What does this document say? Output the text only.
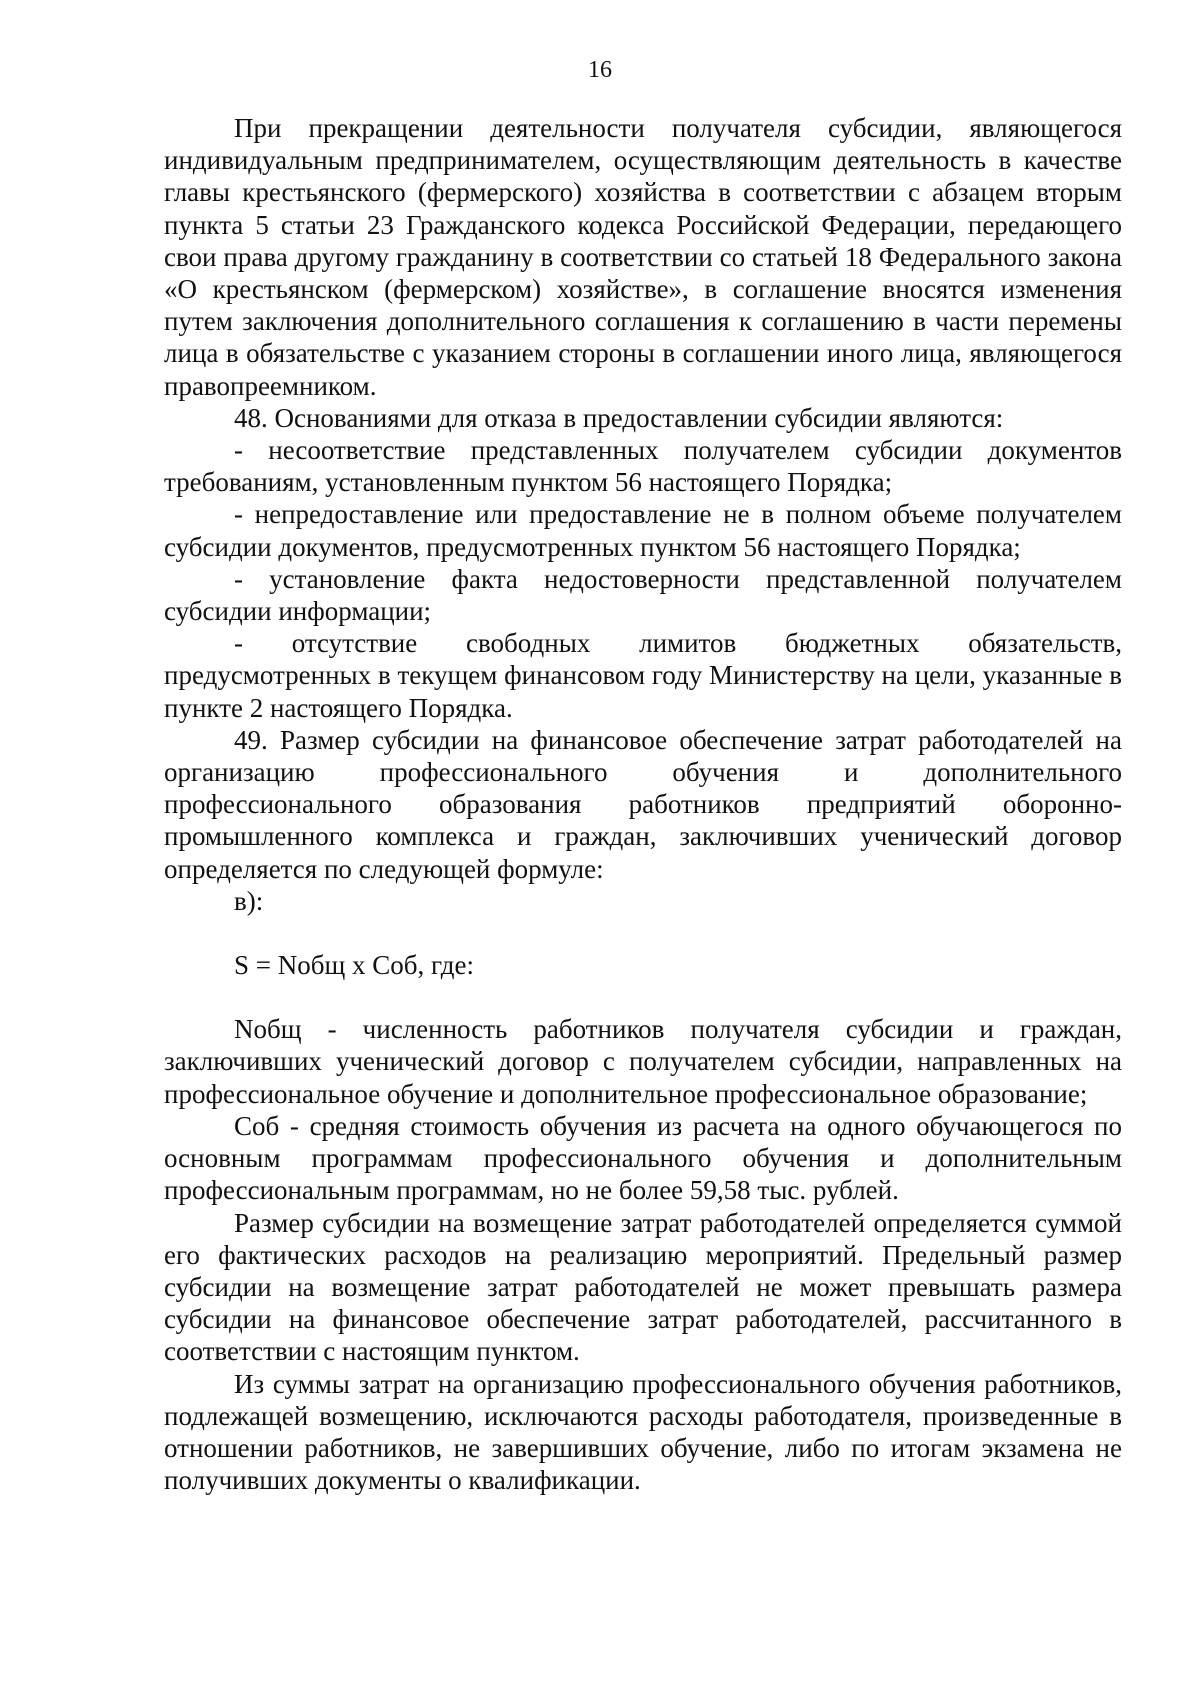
16

При прекращении деятельности получателя субсидии, являющегося индивидуальным предпринимателем, осуществляющим деятельность в качестве главы крестьянского (фермерского) хозяйства в соответствии с абзацем вторым пункта 5 статьи 23 Гражданского кодекса Российской Федерации, передающего свои права другому гражданину в соответствии со статьей 18 Федерального закона «О крестьянском (фермерском) хозяйстве», в соглашение вносятся изменения путем заключения дополнительного соглашения к соглашению в части перемены лица в обязательстве с указанием стороны в соглашении иного лица, являющегося правопреемником.

48. Основаниями для отказа в предоставлении субсидии являются:

- несоответствие представленных получателем субсидии документов требованиям, установленным пунктом 56 настоящего Порядка;

- непредоставление или предоставление не в полном объеме получателем субсидии документов, предусмотренных пунктом 56 настоящего Порядка;

- установление факта недостоверности представленной получателем субсидии информации;

- отсутствие свободных лимитов бюджетных обязательств, предусмотренных в текущем финансовом году Министерству на цели, указанные в пункте 2 настоящего Порядка.

49. Размер субсидии на финансовое обеспечение затрат работодателей на организацию профессионального обучения и дополнительного профессионального образования работников предприятий оборонно-промышленного комплекса и граждан, заключивших ученический договор определяется по следующей формуле:

в):

S = Nобщ x Соб, где:

Nобщ - численность работников получателя субсидии и граждан, заключивших ученический договор с получателем субсидии, направленных на профессиональное обучение и дополнительное профессиональное образование;

Соб - средняя стоимость обучения из расчета на одного обучающегося по основным программам профессионального обучения и дополнительным профессиональным программам, но не более 59,58 тыс. рублей.

Размер субсидии на возмещение затрат работодателей определяется суммой его фактических расходов на реализацию мероприятий. Предельный размер субсидии на возмещение затрат работодателей не может превышать размера субсидии на финансовое обеспечение затрат работодателей, рассчитанного в соответствии с настоящим пунктом.

Из суммы затрат на организацию профессионального обучения работников, подлежащей возмещению, исключаются расходы работодателя, произведенные в отношении работников, не завершивших обучение, либо по итогам экзамена не получивших документы о квалификации.
